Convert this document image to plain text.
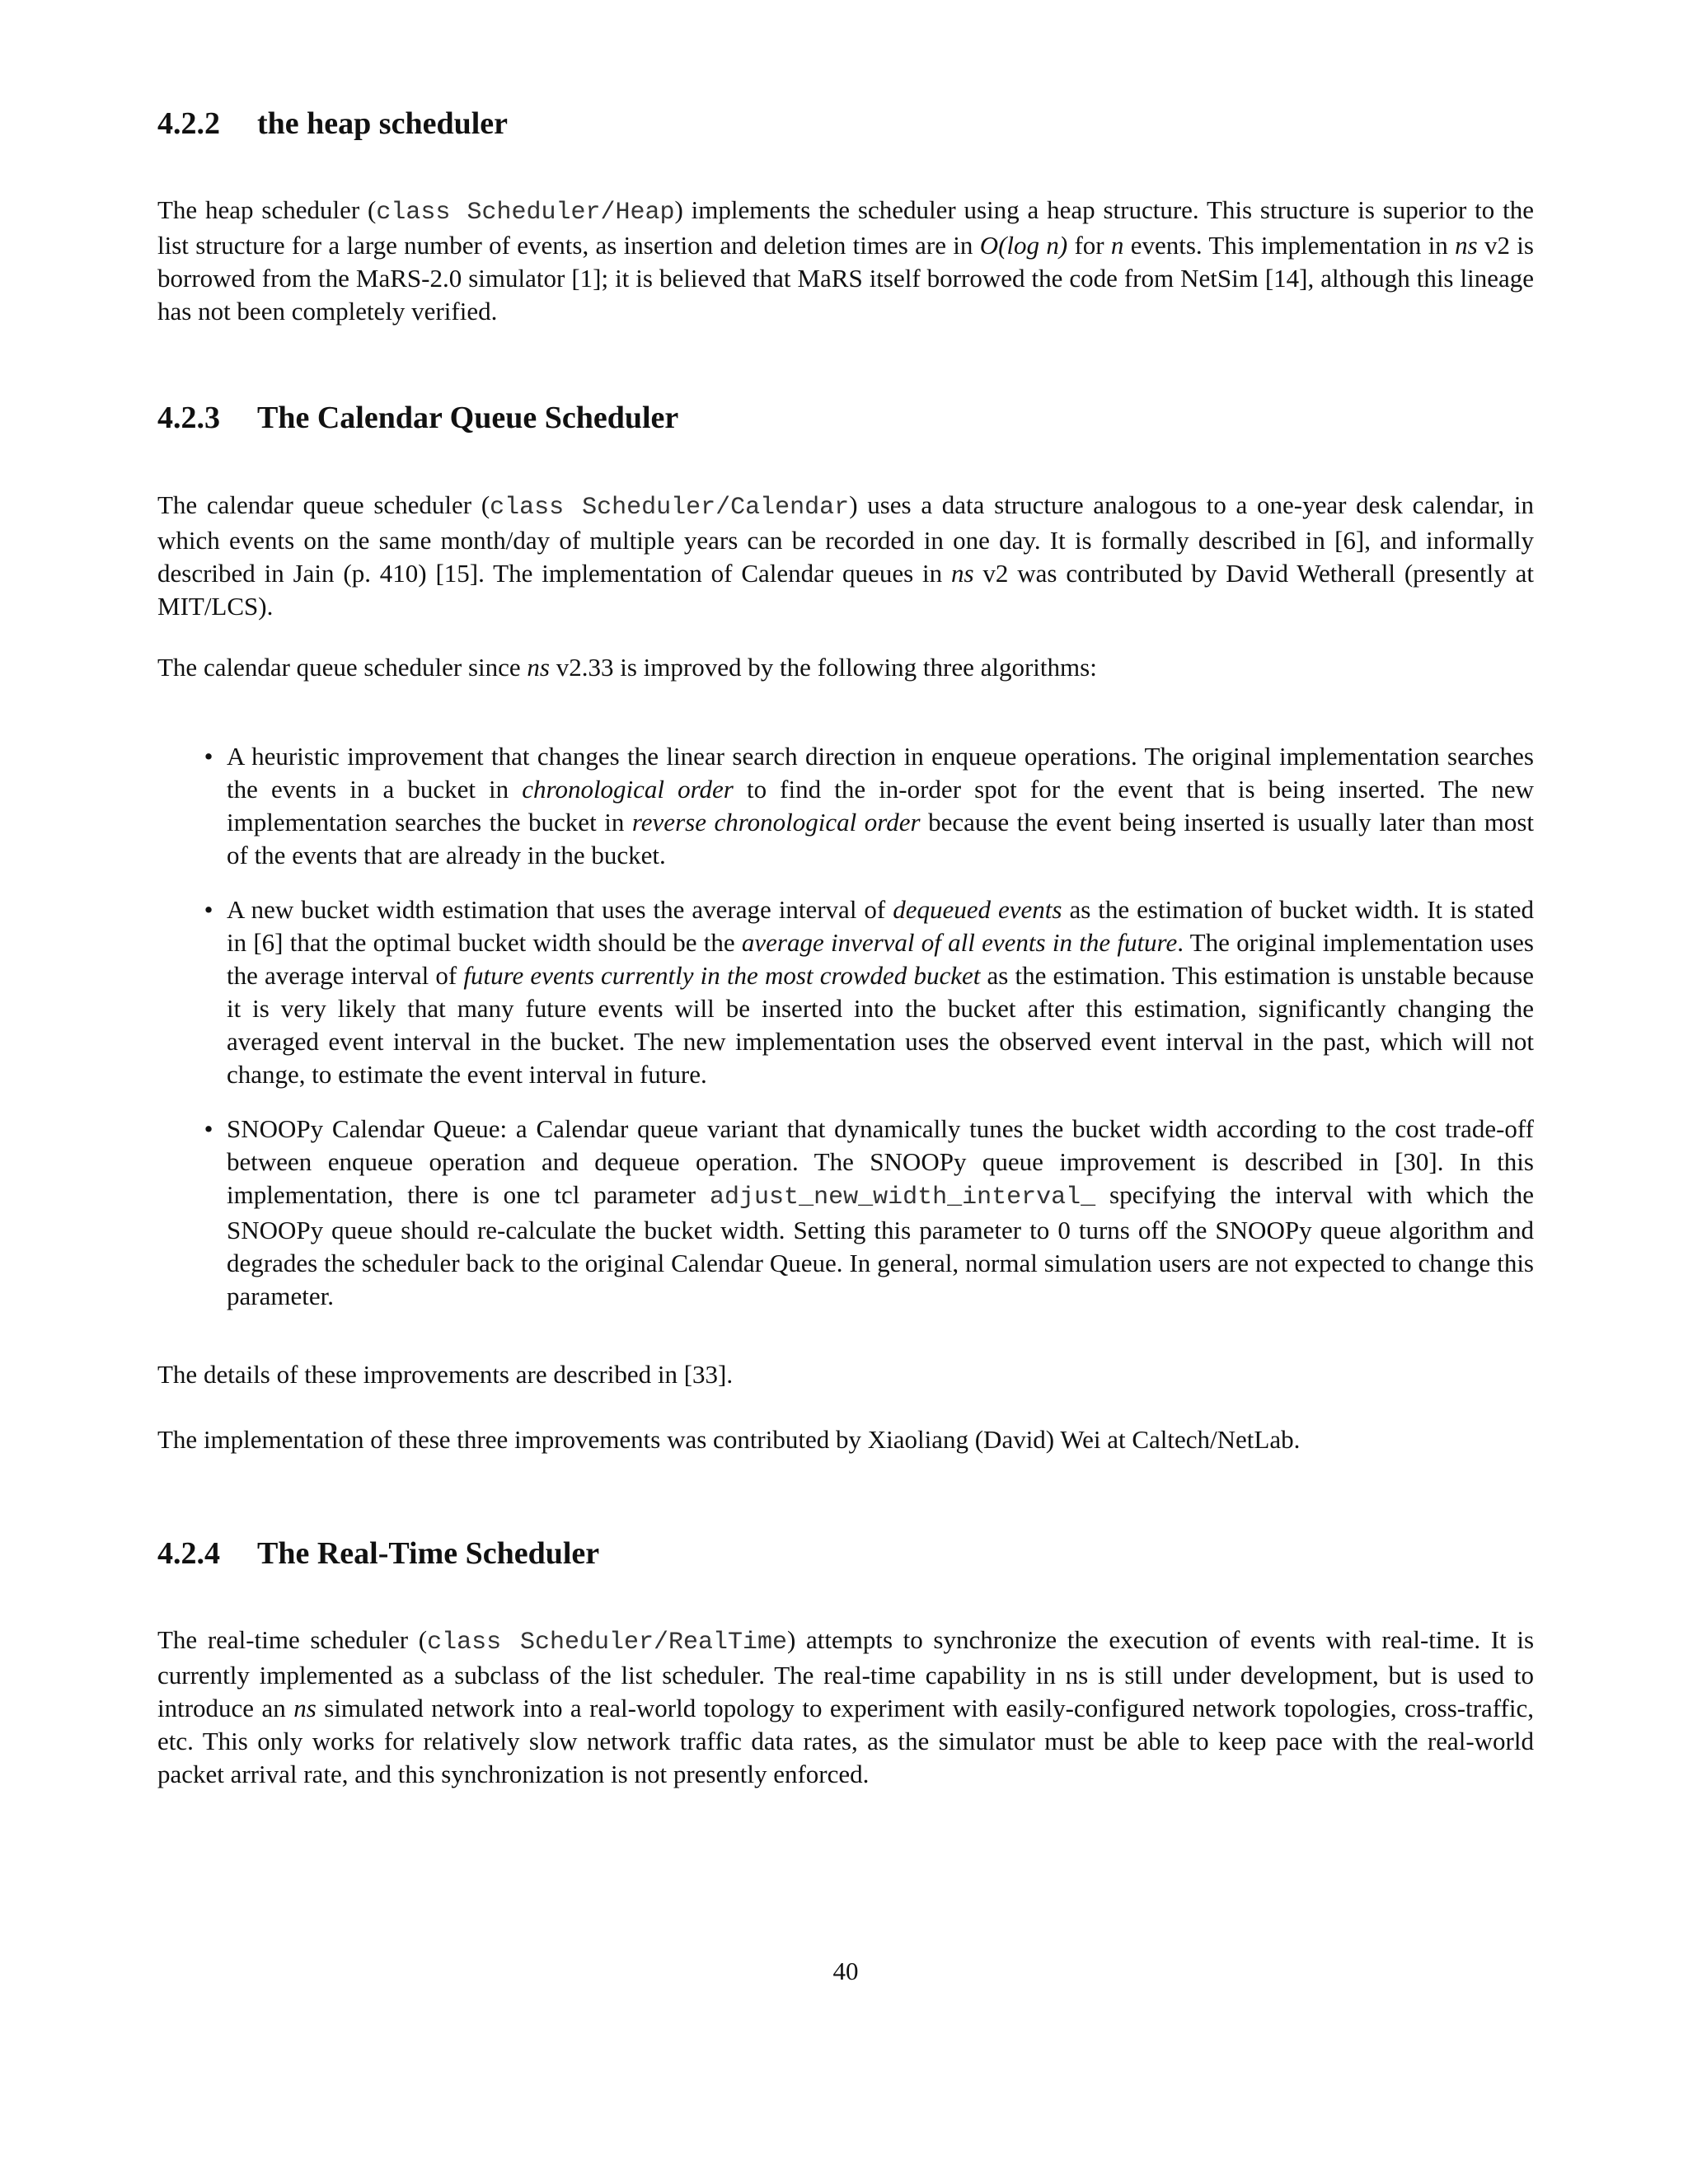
4.2.2 the heap scheduler

The heap scheduler (class Scheduler/Heap) implements the scheduler using a heap structure. This structure is superior to the list structure for a large number of events, as insertion and deletion times are in O(log n) for n events. This implementation in ns v2 is borrowed from the MaRS-2.0 simulator [1]; it is believed that MaRS itself borrowed the code from NetSim [14], although this lineage has not been completely verified.

4.2.3 The Calendar Queue Scheduler

The calendar queue scheduler (class Scheduler/Calendar) uses a data structure analogous to a one-year desk calendar, in which events on the same month/day of multiple years can be recorded in one day. It is formally described in [6], and informally described in Jain (p. 410) [15]. The implementation of Calendar queues in ns v2 was contributed by David Wetherall (presently at MIT/LCS).

The calendar queue scheduler since ns v2.33 is improved by the following three algorithms:

• A heuristic improvement that changes the linear search direction in enqueue operations. The original implementation searches the events in a bucket in chronological order to find the in-order spot for the event that is being inserted. The new implementation searches the bucket in reverse chronological order because the event being inserted is usually later than most of the events that are already in the bucket.
• A new bucket width estimation that uses the average interval of dequeued events as the estimation of bucket width. It is stated in [6] that the optimal bucket width should be the average inverval of all events in the future. The original implementation uses the average interval of future events currently in the most crowded bucket as the estimation. This estimation is unstable because it is very likely that many future events will be inserted into the bucket after this estimation, significantly changing the averaged event interval in the bucket. The new implementation uses the observed event interval in the past, which will not change, to estimate the event interval in future.
• SNOOPy Calendar Queue: a Calendar queue variant that dynamically tunes the bucket width according to the cost trade-off between enqueue operation and dequeue operation. The SNOOPy queue improvement is described in [30]. In this implementation, there is one tcl parameter adjust_new_width_interval_ specifying the interval with which the SNOOPy queue should re-calculate the bucket width. Setting this parameter to 0 turns off the SNOOPy queue algorithm and degrades the scheduler back to the original Calendar Queue. In general, normal simulation users are not expected to change this parameter.

The details of these improvements are described in [33].

The implementation of these three improvements was contributed by Xiaoliang (David) Wei at Caltech/NetLab.

4.2.4 The Real-Time Scheduler

The real-time scheduler (class Scheduler/RealTime) attempts to synchronize the execution of events with real-time. It is currently implemented as a subclass of the list scheduler. The real-time capability in ns is still under development, but is used to introduce an ns simulated network into a real-world topology to experiment with easily-configured network topologies, cross-traffic, etc. This only works for relatively slow network traffic data rates, as the simulator must be able to keep pace with the real-world packet arrival rate, and this synchronization is not presently enforced.

40
